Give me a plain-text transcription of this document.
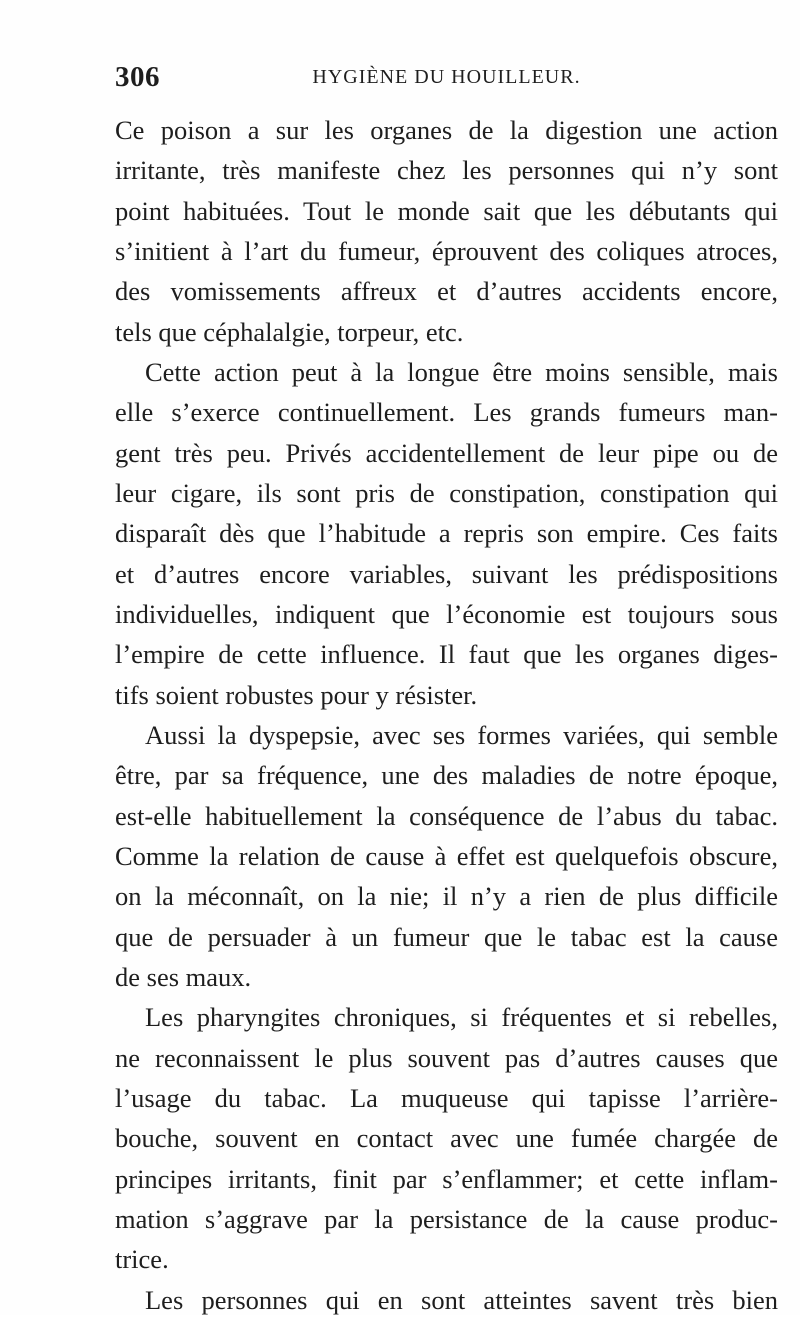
306	HYGIÈNE DU HOUILLEUR.
Ce poison a sur les organes de la digestion une action
irritante, très manifeste chez les personnes qui n’y sont
point habituées. Tout le monde sait que les débutants qui
s’initient à l’art du fumeur, éprouvent des coliques atroces,
des vomissements affreux et d’autres accidents encore,
tels que céphalalgie, torpeur, etc.
Cette action peut à la longue être moins sensible, mais
elle s’exerce continuellement. Les grands fumeurs man-
gent très peu. Privés accidentellement de leur pipe ou de
leur cigare, ils sont pris de constipation, constipation qui
disparaît dès que l’habitude a repris son empire. Ces faits
et d’autres encore variables, suivant les prédispositions
individuelles, indiquent que l’économie est toujours sous
l’empire de cette influence. Il faut que les organes diges-
tifs soient robustes pour y résister.
Aussi la dyspepsie, avec ses formes variées, qui semble
être, par sa fréquence, une des maladies de notre époque,
est-elle habituellement la conséquence de l’abus du tabac.
Comme la relation de cause à effet est quelquefois obscure,
on la méconnaît, on la nie; il n’y a rien de plus difficile
que de persuader à un fumeur que le tabac est la cause
de ses maux.
Les pharyngites chroniques, si fréquentes et si rebelles,
ne reconnaissent le plus souvent pas d’autres causes que
l’usage du tabac. La muqueuse qui tapisse l’arrière-
bouche, souvent en contact avec une fumée chargée de
principes irritants, finit par s’enflammer; et cette inflam-
mation s’aggrave par la persistance de la cause produc-
trice.
Les personnes qui en sont atteintes savent très bien
